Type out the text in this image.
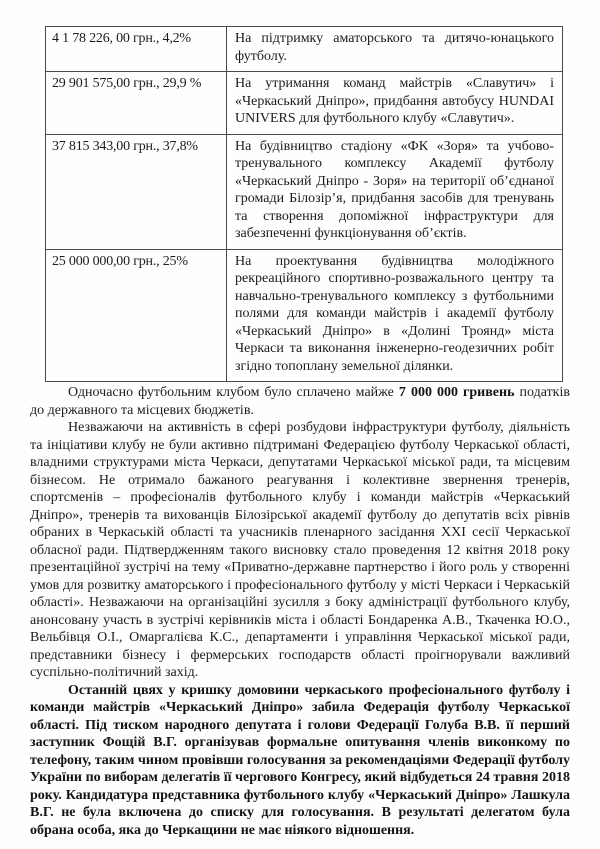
4 1 78 226, 00 грн., 4,2%	На підтримку аматорського та дитячо-юнацького футболу.
29 901 575,00 грн., 29,9 %	На утримання команд майстрів «Славутич» і «Черкаський Дніпро», придбання автобусу HUNDAI UNIVERS для футбольного клубу «Славутич».
37 815 343,00 грн., 37,8%	На будівництво стадіону «ФК «Зоря» та учбово-тренувального комплексу Академії футболу «Черкаський Дніпро - Зоря» на території об’єднаної громади Білозір’я, придбання засобів для тренувань та створення допоміжної інфраструктури для забезпеченні функціонування об’єктів.
25 000 000,00 грн., 25%	На проектування будівництва молодіжного рекреаційного спортивно-розважального центру та навчально-тренувального комплексу з футбольними полями для команди майстрів і академії футболу «Черкаський Дніпро» в «Долині Троянд» міста Черкаси та виконання інженерно-геодезичних робіт згідно топоплану земельної ділянки.

Одночасно футбольним клубом було сплачено майже 7 000 000 гривень податків до державного та місцевих бюджетів.

Незважаючи на активність в сфері розбудови інфраструктури футболу, діяльність та ініціативи клубу не були активно підтримані Федерацією футболу Черкаської області, владними структурами міста Черкаси, депутатами Черкаської міської ради, та місцевим бізнесом. Не отримало бажаного реагування і колективне звернення тренерів, спортсменів – професіоналів футбольного клубу і команди майстрів «Черкаський Дніпро», тренерів та вихованців Білозірської академії футболу до депутатів всіх рівнів обраних в Черкаській області та учасників пленарного засідання XXI сесії Черкаської обласної ради. Підтвердженням такого висновку стало проведення 12 квітня 2018 року презентаційної зустрічі на тему «Приватно-державне партнерство і його роль у створенні умов для розвитку аматорського і професіонального футболу у місті Черкаси і Черкаській області». Незважаючи на організаційні зусилля з боку адміністрації футбольного клубу, анонсовану участь в зустрічі керівників міста і області Бондаренка А.В., Ткаченка Ю.О., Вельбівця О.І., Омаргалієва К.С., департаменти і управління Черкаської міської ради, представники бізнесу і фермерських господарств області проігнорували важливий суспільно-політичний захід.

Останній цвях у кришку домовини черкаського професіонального футболу і команди майстрів «Черкаський Дніпро» забила Федерація футболу Черкаської області. Під тиском народного депутата і голови Федерації Голуба В.В. її перший заступник Фощій В.Г. організував формальне опитування членів виконкому по телефону, таким чином провівши голосування за рекомендаціями Федерації футболу України по виборам делегатів її чергового Конгресу, який відбудеться 24 травня 2018 року. Кандидатура представника футбольного клубу «Черкаський Дніпро» Лашкула В.Г. не була включена до списку для голосування. В результаті делегатом була обрана особа, яка до Черкащини не має ніякого відношення.
